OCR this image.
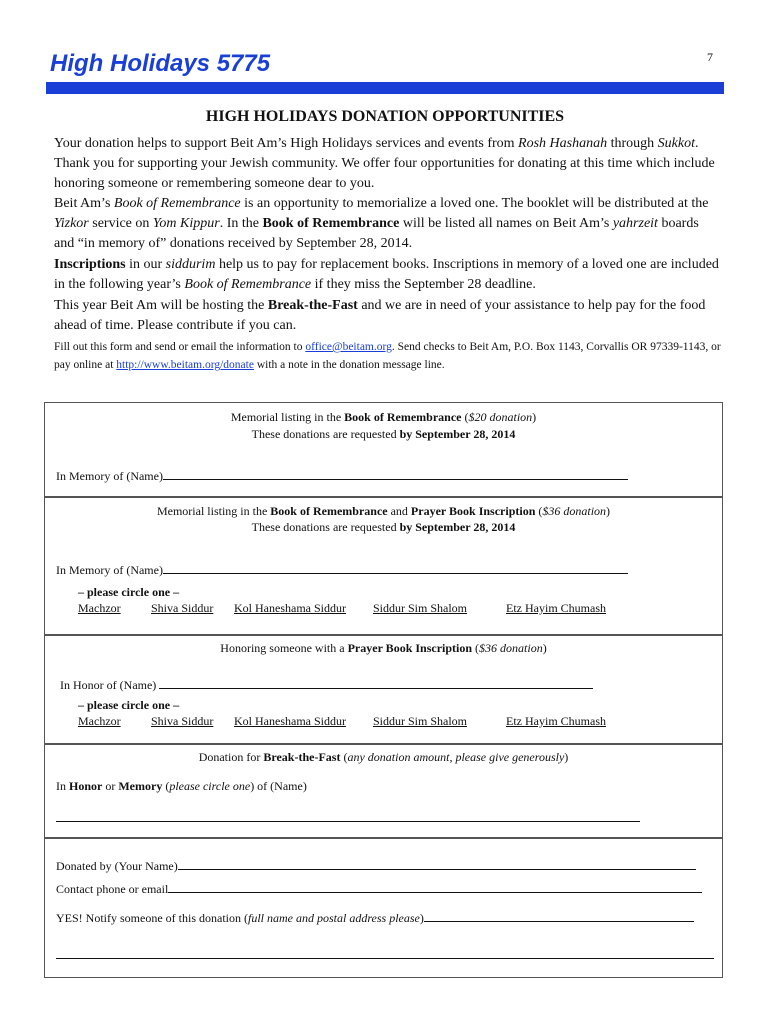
High Holidays 5775	7
HIGH HOLIDAYS DONATION OPPORTUNITIES
Your donation helps to support Beit Am’s High Holidays services and events from Rosh Hashanah through Sukkot. Thank you for supporting your Jewish community. We offer four opportunities for donating at this time which include honoring someone or remembering someone dear to you.
Beit Am’s Book of Remembrance is an opportunity to memorialize a loved one. The booklet will be distributed at the Yizkor service on Yom Kippur. In the Book of Remembrance will be listed all names on Beit Am’s yahrzeit boards and “in memory of” donations received by September 28, 2014.
Inscriptions in our siddurim help us to pay for replacement books. Inscriptions in memory of a loved one are included in the following year’s Book of Remembrance if they miss the September 28 deadline.
This year Beit Am will be hosting the Break-the-Fast and we are in need of your assistance to help pay for the food ahead of time. Please contribute if you can.
Fill out this form and send or email the information to office@beitam.org. Send checks to Beit Am, P.O. Box 1143, Corvallis OR 97339-1143, or pay online at http://www.beitam.org/donate with a note in the donation message line.
Memorial listing in the Book of Remembrance ($20 donation)
These donations are requested by September 28, 2014
In Memory of (Name)
Memorial listing in the Book of Remembrance and Prayer Book Inscription ($36 donation)
These donations are requested by September 28, 2014
In Memory of (Name)
– please circle one –
Machzor	Shiva Siddur Kol Haneshama Siddur Siddur Sim Shalom	Etz Hayim Chumash
Honoring someone with a Prayer Book Inscription ($36 donation)
In Honor of (Name)
– please circle one –
Machzor	Shiva Siddur Kol Haneshama Siddur Siddur Sim Shalom	Etz Hayim Chumash
Donation for Break-the-Fast (any donation amount, please give generously)
In Honor or Memory (please circle one) of (Name)
Donated by (Your Name)
Contact phone or email
YES! Notify someone of this donation (full name and postal address please)
